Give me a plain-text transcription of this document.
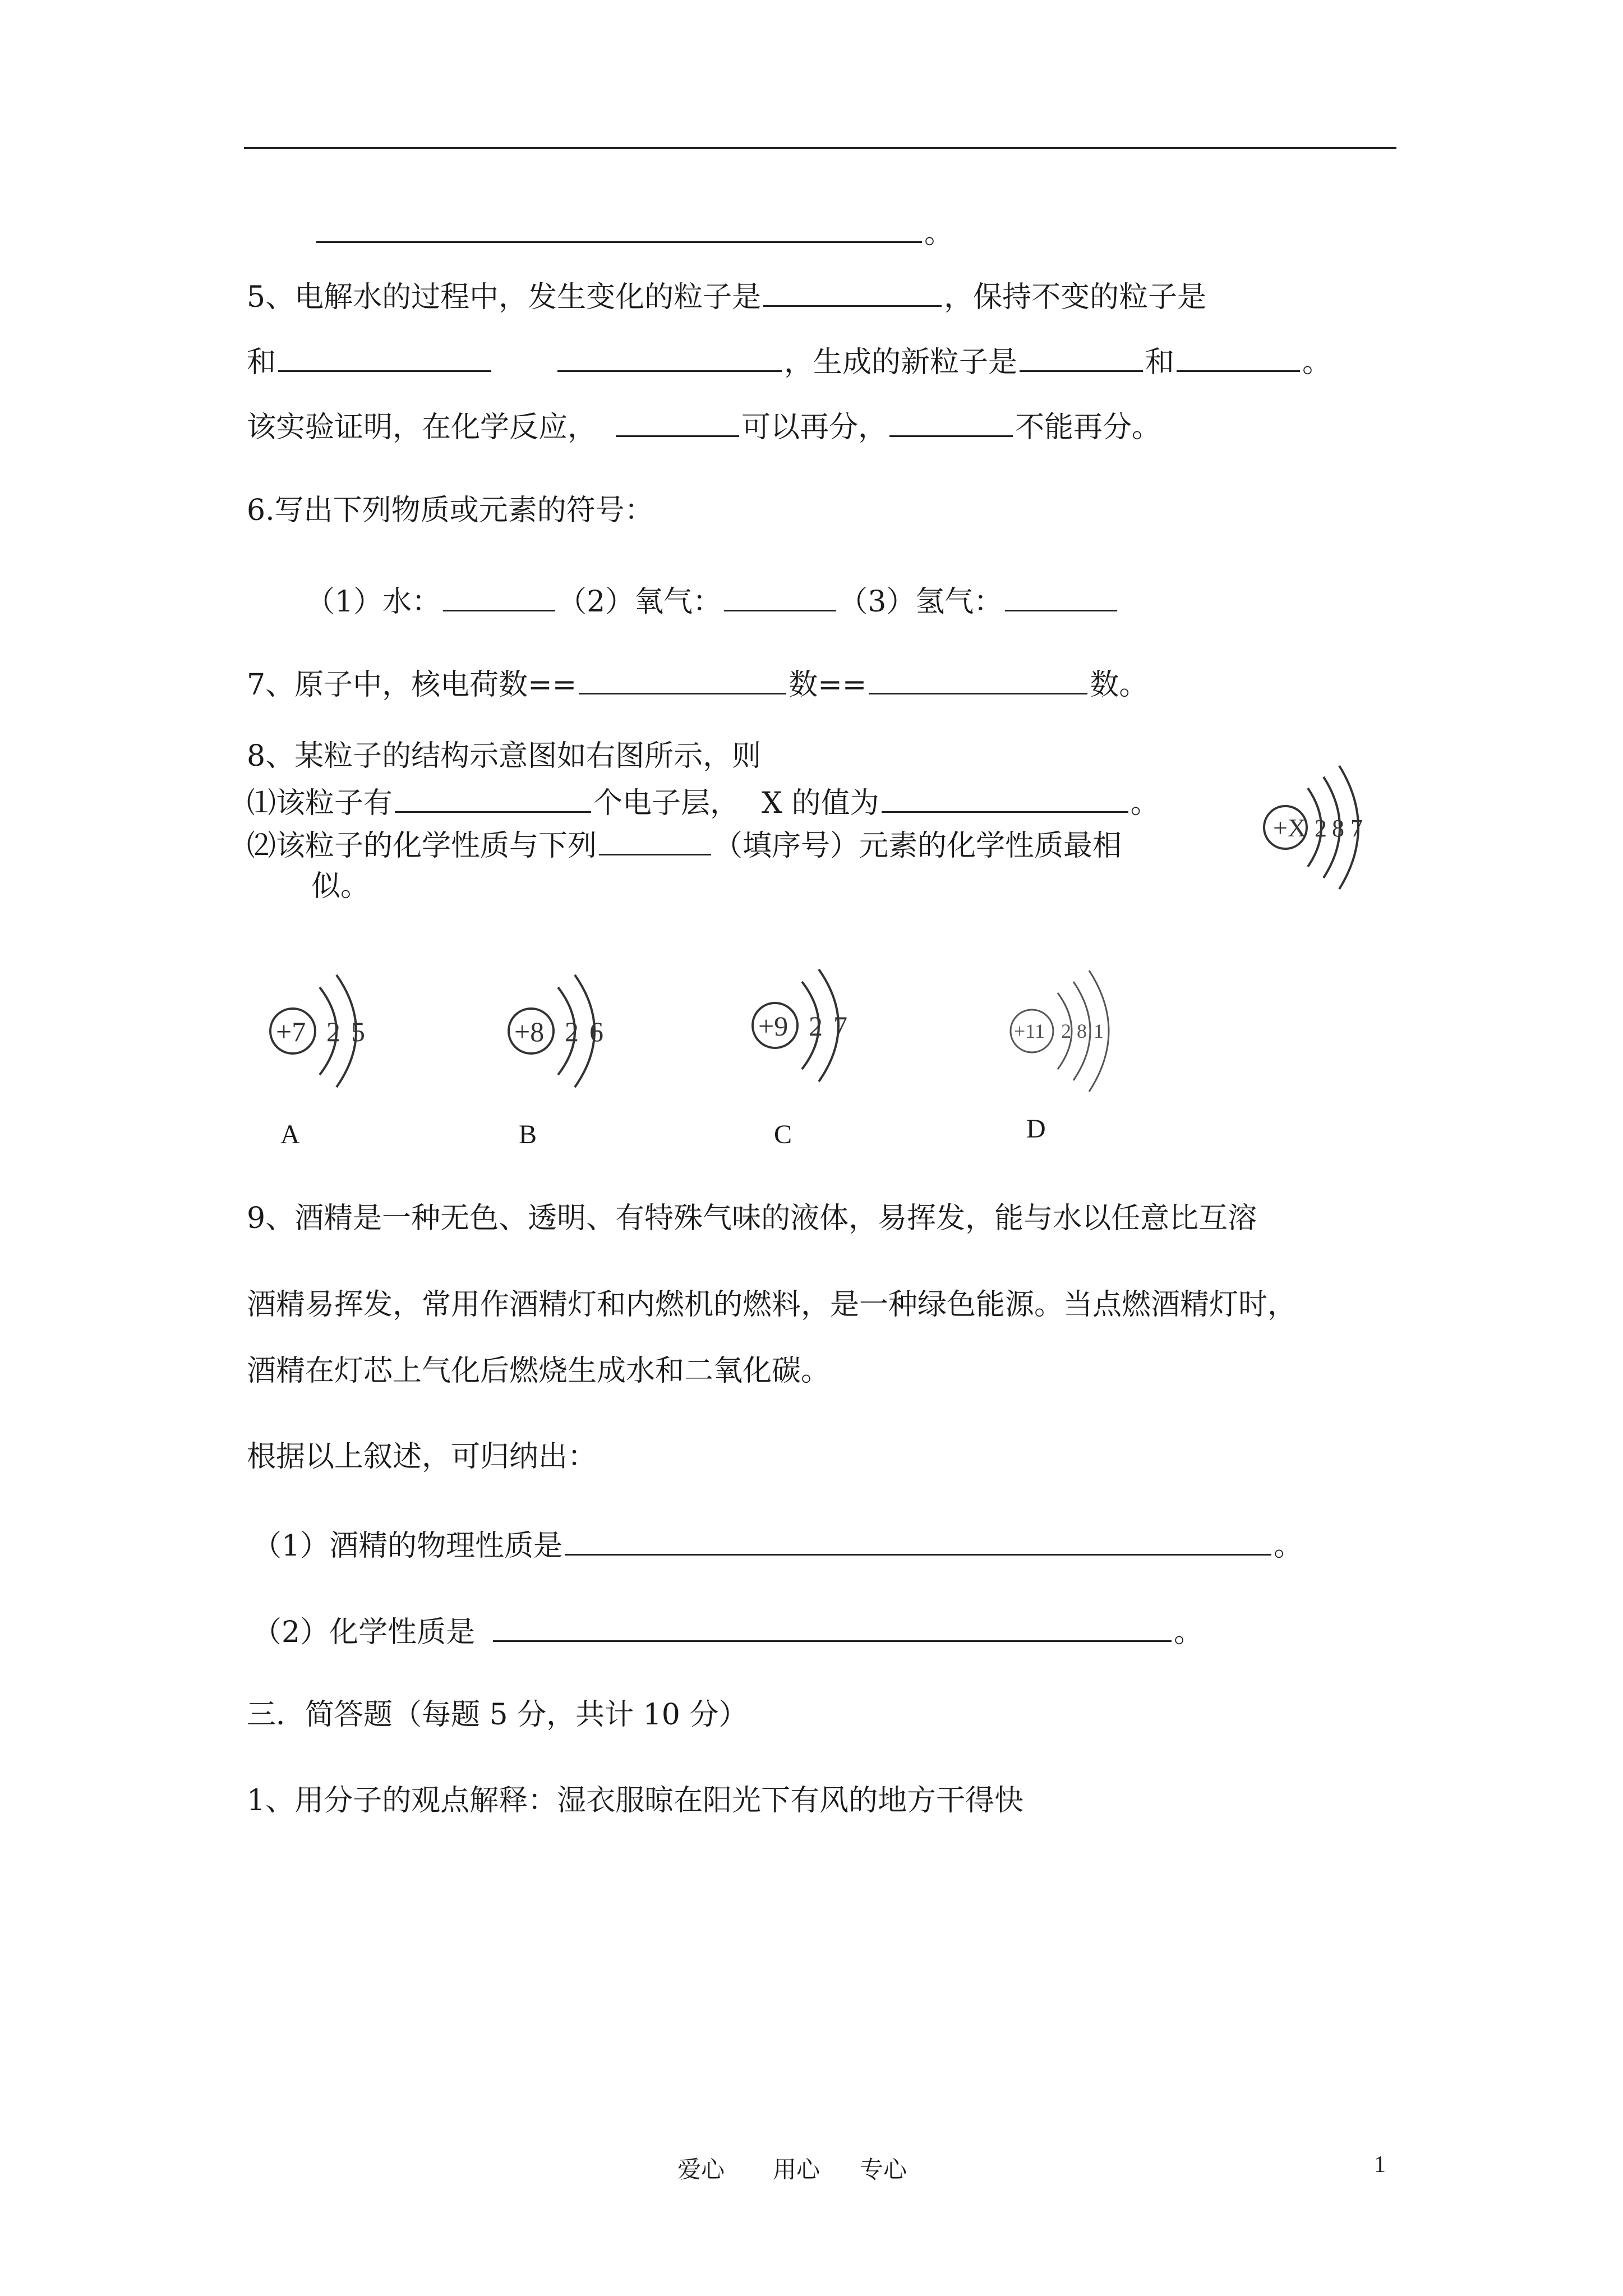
。
5、电解水的过程中，发生变化的粒子是	，保持不变的粒子是
和	，生成的新粒子是	和	。
该实验证明，在化学反应，	可以再分，	不能再分。
6.写出下列物质或元素的符号：
（1）水：	（2）氧气：	（3）氢气：
7、原子中，核电荷数==	数==	数。
8、某粒子的结构示意图如右图所示，则
⑴该粒子有	个电子层， X 的值为	。
⑵该粒子的化学性质与下列	（填序号）元素的化学性质最相
似。
+X 2 8 7
+7 2 5
A
+8 2 6
B
+9 2 7
C
+11 2 8 1
D
9、酒精是一种无色、透明、有特殊气味的液体，易挥发，能与水以任意比互溶
酒精易挥发，常用作酒精灯和内燃机的燃料，是一种绿色能源。当点燃酒精灯时，
酒精在灯芯上气化后燃烧生成水和二氧化碳。
根据以上叙述，可归纳出：
（1）酒精的物理性质是	。
（2）化学性质是	。
三．简答题（每题 5 分，共计 10 分）
1、用分子的观点解释：湿衣服晾在阳光下有风的地方干得快
爱心 用心 专心	1
